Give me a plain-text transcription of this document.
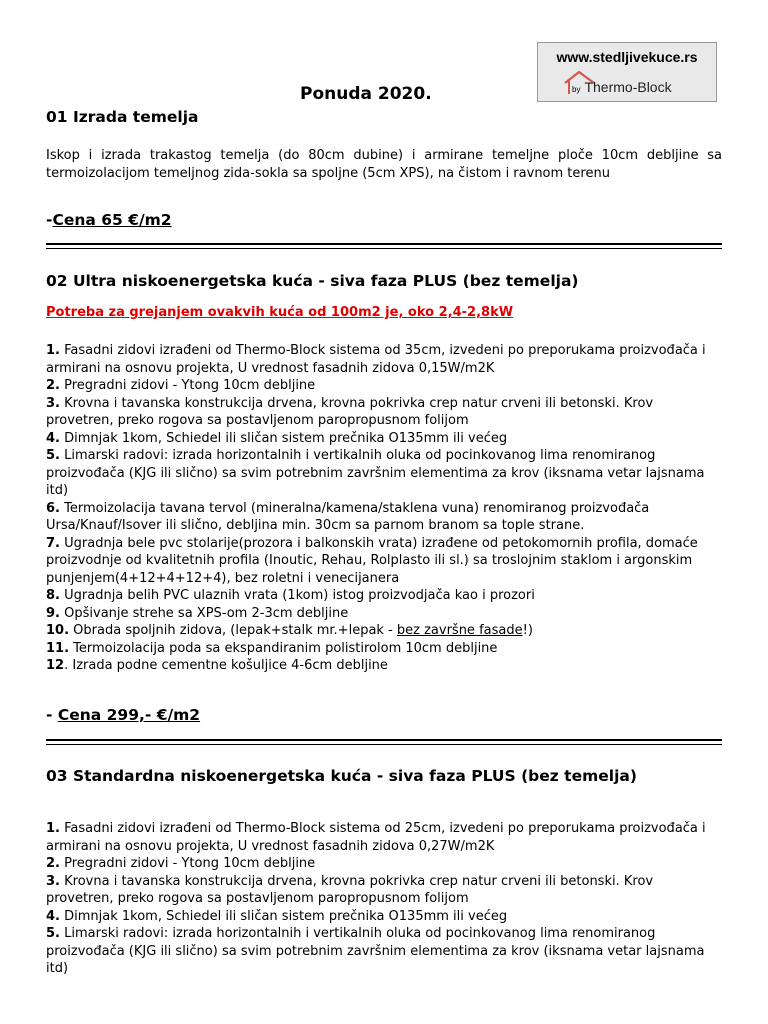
www.stedljivekuce.rs
by Thermo-Block
Ponuda 2020.
01 Izrada temelja
Iskop i izrada trakastog temelja (do 80cm dubine) i armirane temeljne ploče 10cm debljine sa termoizolacijom temeljnog zida-sokla sa spoljne (5cm XPS), na čistom i ravnom terenu
-Cena 65 €/m2
02 Ultra niskoenergetska kuća - siva faza PLUS (bez temelja)
Potreba za grejanjem ovakvih kuća od 100m2 je, oko 2,4-2,8kW

1. Fasadni zidovi izrađeni od Thermo-Block sistema od 35cm, izvedeni po preporukama proizvođača i armirani na osnovu projekta, U vrednost fasadnih zidova 0,15W/m2K

2. Pregradni zidovi - Ytong 10cm debljine

3. Krovna i tavanska konstrukcija drvena, krovna pokrivka crep natur crveni ili betonski. Krov provetren, preko rogova sa postavljenom paropropusnom folijom

4. Dimnjak 1kom, Schiedel ili sličan sistem prečnika O135mm ili većeg

5. Limarski radovi: izrada horizontalnih i vertikalnih oluka od pocinkovanog lima renomiranog proizvođača (KJG ili slično) sa svim potrebnim završnim elementima za krov (iksnama vetar lajsnama itd)

6. Termoizolacija tavana tervol (mineralna/kamena/staklena vuna) renomiranog proizvođača Ursa/Knauf/Isover ili slično, debljina min. 30cm sa parnom branom sa tople strane.

7. Ugradnja bele pvc stolarije(prozora i balkonskih vrata) izrađene od petokomornih profila, domaće proizvodnje od kvalitetnih profila (Inoutic, Rehau, Rolplasto ili sl.) sa troslojnim staklom i argonskim punjenjem(4+12+4+12+4), bez roletni i venecijanera

8. Ugradnja belih PVC ulaznih vrata (1kom) istog proizvodjača kao i prozori

9. Opšivanje strehe sa XPS-om 2-3cm debljine

10. Obrada spoljnih zidova, (lepak+stalk mr.+lepak - bez završne fasade!)

11. Termoizolacija poda sa ekspandiranim polistirolom 10cm debljine

12. Izrada podne cementne košuljice 4-6cm debljine

- Cena 299,- €/m2
03 Standardna niskoenergetska kuća - siva faza PLUS (bez temelja)

1. Fasadni zidovi izrađeni od Thermo-Block sistema od 25cm, izvedeni po preporukama proizvođača i armirani na osnovu projekta, U vrednost fasadnih zidova 0,27W/m2K

2. Pregradni zidovi - Ytong 10cm debljine

3. Krovna i tavanska konstrukcija drvena, krovna pokrivka crep natur crveni ili betonski. Krov provetren, preko rogova sa postavljenom paropropusnom folijom

4. Dimnjak 1kom, Schiedel ili sličan sistem prečnika O135mm ili većeg

5. Limarski radovi: izrada horizontalnih i vertikalnih oluka od pocinkovanog lima renomiranog proizvođača (KJG ili slično) sa svim potrebnim završnim elementima za krov (iksnama vetar lajsnama itd)
